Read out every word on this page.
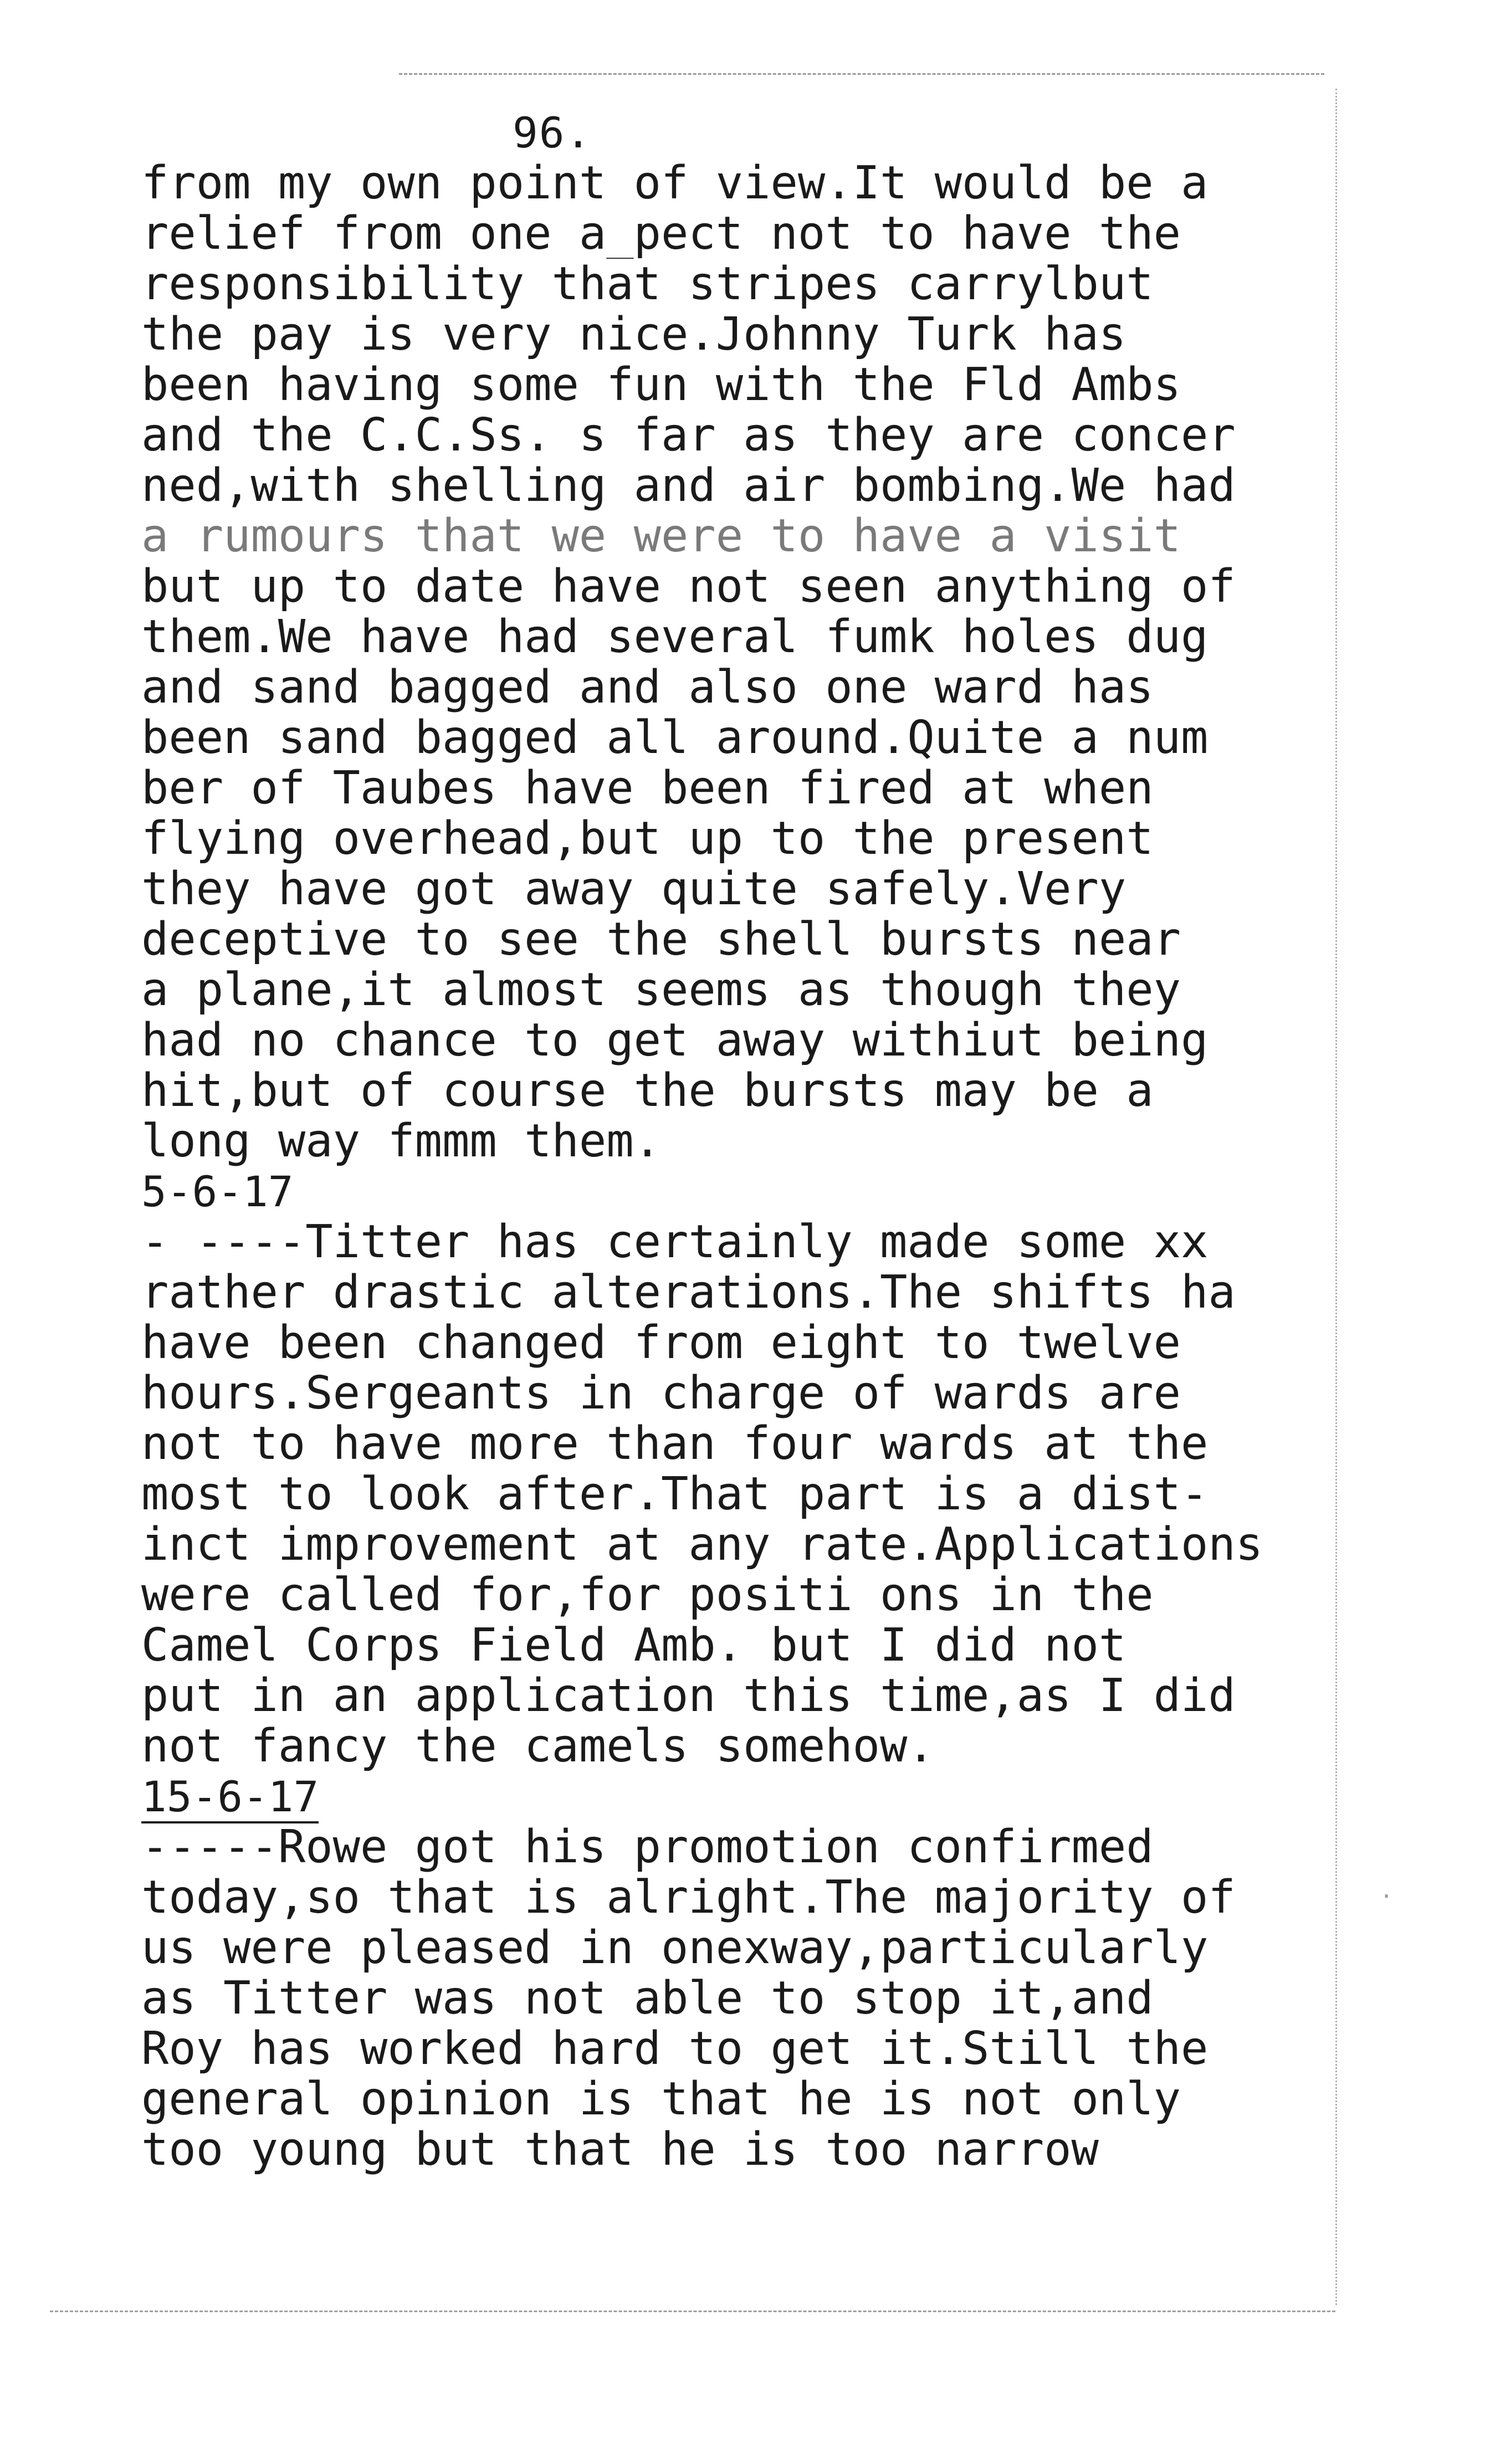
96.
from my own point of view.It would be a
relief from one a_pect not to have the
responsibility that stripes carrylbut
the pay is very nice.Johnny Turk has
been having some fun with the Fld Ambs
and the C.C.Ss. s far as they are concer
ned,with shelling and air bombing.We had
a rumours that we were to have a visit
but up to date have not seen anything of
them.We have had several fumk holes dug
and sand bagged and also one ward has
been sand bagged all around.Quite a num
ber of Taubes have been fired at when
flying overhead,but up to the present
they have got away quite safely.Very
deceptive to see the shell bursts near
a plane,it almost seems as though they
had no chance to get away withiut being
hit,but of course the bursts may be a
long way fmmm them.
5-6-17
- ----Titter has certainly made some xx
rather drastic alterations.The shifts ha
have been changed from eight to twelve
hours.Sergeants in charge of wards are
not to have more than four wards at the
most to look after.That part is a dist-
inct improvement at any rate.Applications
were called for,for positi ons in the
Camel Corps Field Amb. but I did not
put in an application this time,as I did
not fancy the camels somehow.
15-6-17
-----Rowe got his promotion confirmed
today,so that is alright.The majority of
us were pleased in onexway,particularly
as Titter was not able to stop it,and
Roy has worked hard to get it.Still the
general opinion is that he is not only
too young but that he is too narrow
·
